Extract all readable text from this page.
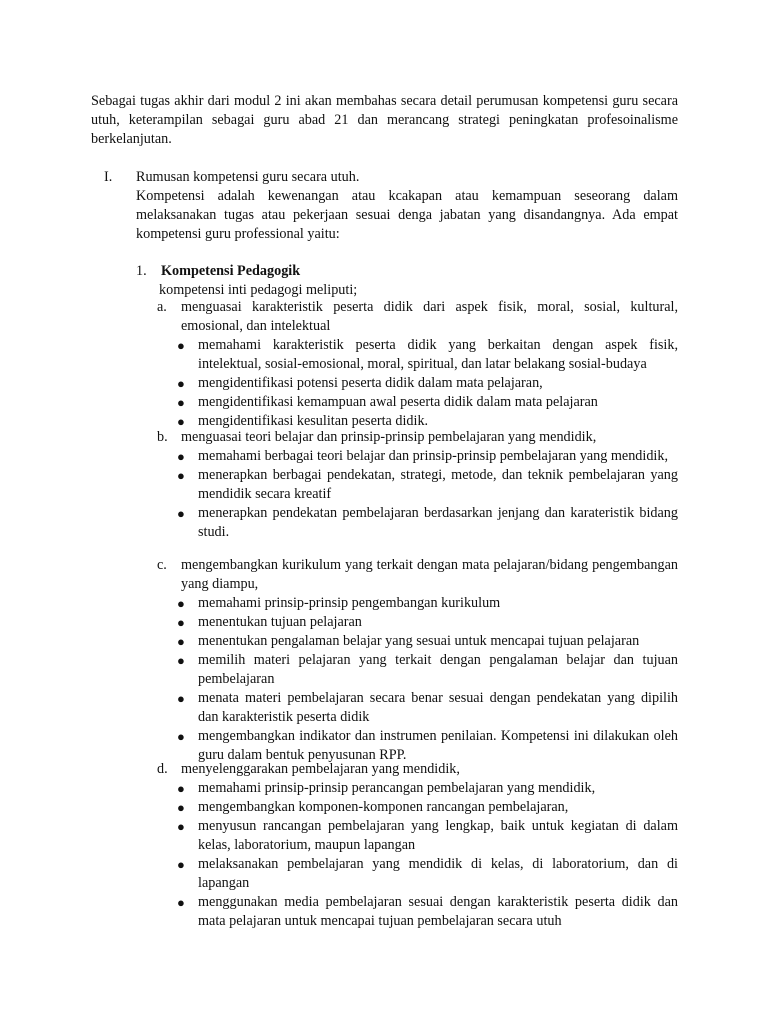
Sebagai tugas akhir dari modul 2 ini akan membahas secara detail perumusan kompetensi guru secara utuh, keterampilan sebagai guru abad 21 dan merancang strategi peningkatan profesoinalisme berkelanjutan.

I. Rumusan kompetensi guru secara utuh.
Kompetensi adalah kewenangan atau kcakapan atau kemampuan seseorang dalam melaksanakan tugas atau pekerjaan sesuai denga jabatan yang disandangnya. Ada empat kompetensi guru professional yaitu:
1. Kompetensi Pedagogik
kompetensi inti pedagogi meliputi;
a. menguasai karakteristik peserta didik dari aspek fisik, moral, sosial, kultural, emosional, dan intelektual
● memahami karakteristik peserta didik yang berkaitan dengan aspek fisik, intelektual, sosial-emosional, moral, spiritual, dan latar belakang sosial-budaya
● mengidentifikasi potensi peserta didik dalam mata pelajaran,
● mengidentifikasi kemampuan awal peserta didik dalam mata pelajaran
● mengidentifikasi kesulitan peserta didik.
b. menguasai teori belajar dan prinsip-prinsip pembelajaran yang mendidik,
● memahami berbagai teori belajar dan prinsip-prinsip pembelajaran yang mendidik,
● menerapkan berbagai pendekatan, strategi, metode, dan teknik pembelajaran yang mendidik secara kreatif
● menerapkan pendekatan pembelajaran berdasarkan jenjang dan karateristik bidang studi.
c. mengembangkan kurikulum yang terkait dengan mata pelajaran/bidang pengembangan yang diampu,
● memahami prinsip-prinsip pengembangan kurikulum
● menentukan tujuan pelajaran
● menentukan pengalaman belajar yang sesuai untuk mencapai tujuan pelajaran
● memilih materi pelajaran yang terkait dengan pengalaman belajar dan tujuan pembelajaran
● menata materi pembelajaran secara benar sesuai dengan pendekatan yang dipilih dan karakteristik peserta didik
● mengembangkan indikator dan instrumen penilaian. Kompetensi ini dilakukan oleh guru dalam bentuk penyusunan RPP.
d. menyelenggarakan pembelajaran yang mendidik,
● memahami prinsip-prinsip perancangan pembelajaran yang mendidik,
● mengembangkan komponen-komponen rancangan pembelajaran,
● menyusun rancangan pembelajaran yang lengkap, baik untuk kegiatan di dalam kelas, laboratorium, maupun lapangan
● melaksanakan pembelajaran yang mendidik di kelas, di laboratorium, dan di lapangan
● menggunakan media pembelajaran sesuai dengan karakteristik peserta didik dan mata pelajaran untuk mencapai tujuan pembelajaran secara utuh
